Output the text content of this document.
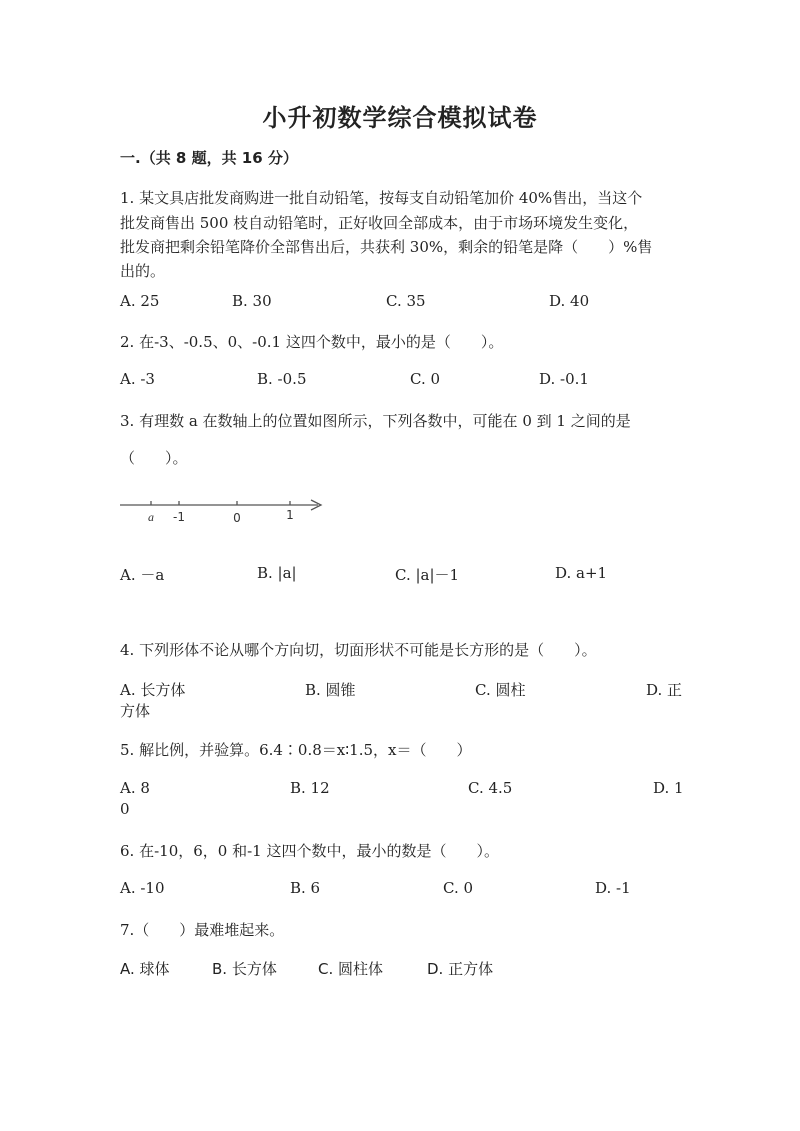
小升初数学综合模拟试卷
一.（共 8 题，共 16 分）
1. 某文具店批发商购进一批自动铅笔，按每支自动铅笔加价 40%售出，当这个
批发商售出 500 枝自动铅笔时，正好收回全部成本，由于市场环境发生变化，
批发商把剩余铅笔降价全部售出后，共获利 30%，剩余的铅笔是降（　　）%售
出的。
A. 25	B. 30	C. 35	D. 40
2. 在-3、-0.5、0、-0.1 这四个数中，最小的是（　　）。
A. -3	B. -0.5	C. 0	D. -0.1
3. 有理数 a 在数轴上的位置如图所示，下列各数中，可能在 0 到 1 之间的是
（　　）。
a -1	0	1
A. －a	B. |a|	C. |a|－1	D. a+1
4. 下列形体不论从哪个方向切，切面形状不可能是长方形的是（　　）。
A. 长方体	B. 圆锥	C. 圆柱	D. 正
方体
5. 解比例，并验算。6.4∶0.8＝x∶1.5，x＝（　　）
A. 8	B. 12	C. 4.5	D. 1
0
6. 在-10，6，0 和-1 这四个数中，最小的数是（　　）。
A. -10	B. 6	C. 0	D. -1
7.（　　）最难堆起来。
A. 球体	B. 长方体	C. 圆柱体	D. 正方体
